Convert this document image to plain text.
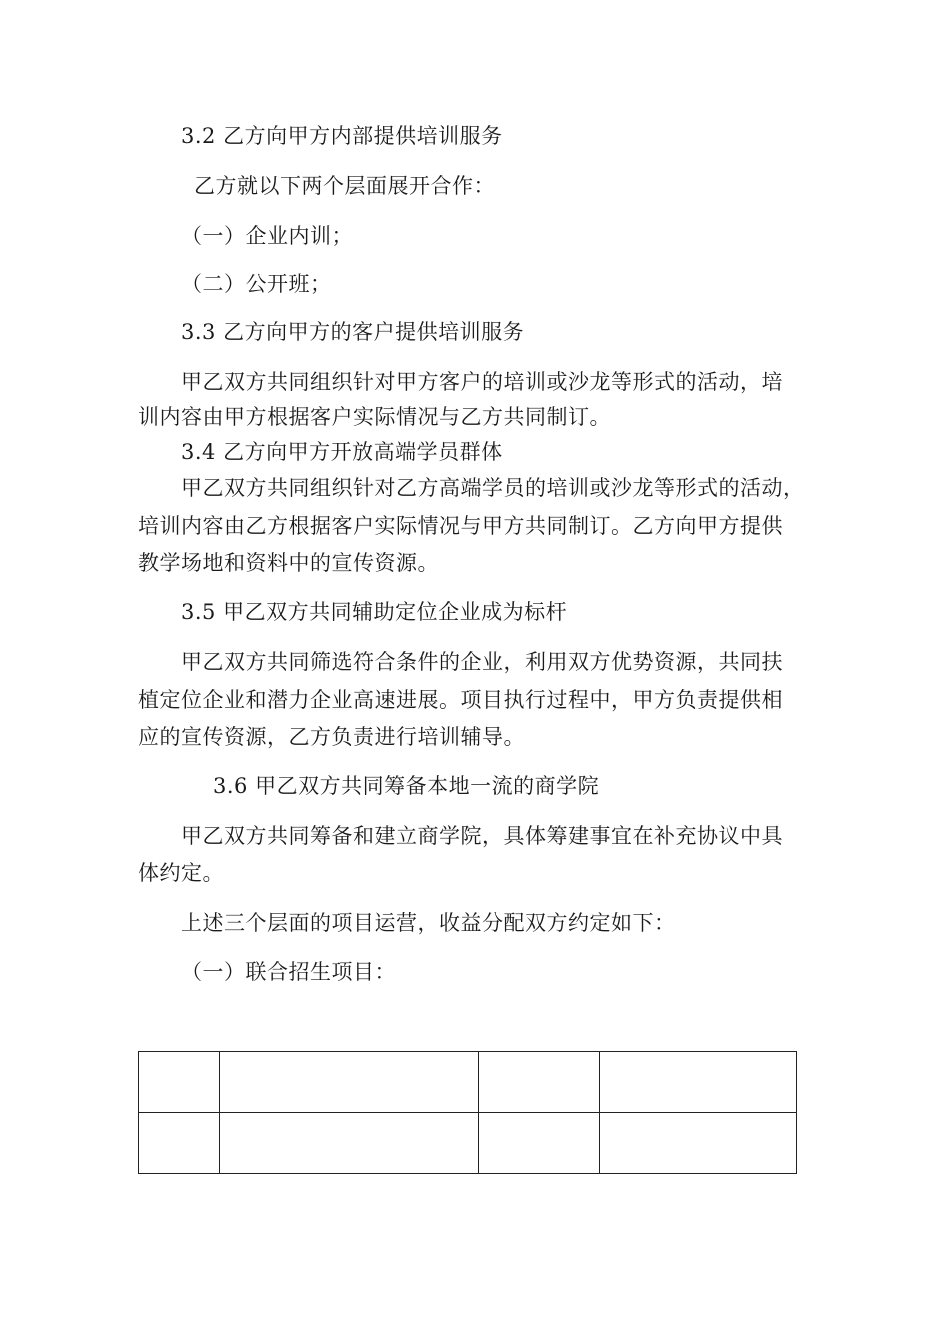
3.2 乙方向甲方内部提供培训服务
乙方就以下两个层面展开合作：
（一）企业内训；
（二）公开班；
3.3 乙方向甲方的客户提供培训服务
甲乙双方共同组织针对甲方客户的培训或沙龙等形式的活动，培
训内容由甲方根据客户实际情况与乙方共同制订。
3.4 乙方向甲方开放高端学员群体
甲乙双方共同组织针对乙方高端学员的培训或沙龙等形式的活动，
培训内容由乙方根据客户实际情况与甲方共同制订。乙方向甲方提供
教学场地和资料中的宣传资源。
3.5 甲乙双方共同辅助定位企业成为标杆
甲乙双方共同筛选符合条件的企业，利用双方优势资源，共同扶
植定位企业和潜力企业高速进展。项目执行过程中，甲方负责提供相
应的宣传资源，乙方负责进行培训辅导。
3.6 甲乙双方共同筹备本地一流的商学院
甲乙双方共同筹备和建立商学院，具体筹建事宜在补充协议中具
体约定。
上述三个层面的项目运营，收益分配双方约定如下：
（一）联合招生项目：
